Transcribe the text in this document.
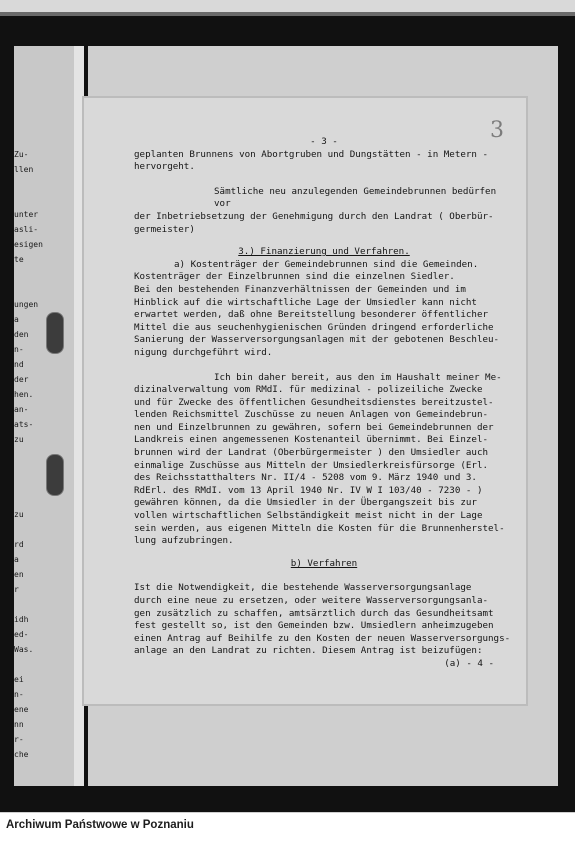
Zu-
llen
unter
asli-
esigen
te
ungen
a
den
n-
nd
der
hen.
an-
ats-
zu
zu
rd
a
en
r
idh
ed-
Was.
ei
n-
ene
nn
r-
che

- 3 -

geplanten Brunnens von Abortgruben und Dungstätten - in Metern -

hervorgeht.

Sämtliche neu anzulegenden Gemeindebrunnen bedürfen vor

der Inbetriebsetzung der Genehmigung durch den Landrat ( Oberbür-

germeister)

3.) Finanzierung und Verfahren.

a) Kostenträger der Gemeindebrunnen sind die Gemeinden.

Kostenträger der Einzelbrunnen sind die einzelnen Siedler.

Bei den bestehenden Finanzverhältnissen der Gemeinden und im

Hinblick auf die wirtschaftliche Lage der Umsiedler kann nicht

erwartet werden, daß ohne Bereitstellung besonderer öffentlicher

Mittel die aus seuchenhygienischen Gründen dringend erforderliche

Sanierung der Wasserversorgungsanlagen mit der gebotenen Beschleu-

nigung durchgeführt wird.

Ich bin daher bereit, aus den im Haushalt meiner Me-

dizinalverwaltung vom RMdI. für medizinal - polizeiliche Zwecke

und für Zwecke des öffentlichen Gesundheitsdienstes bereitzustel-

lenden Reichsmittel Zuschüsse zu neuen Anlagen von Gemeindebrun-

nen und Einzelbrunnen zu gewähren, sofern bei Gemeindebrunnen der

Landkreis einen angemessenen Kostenanteil übernimmt. Bei Einzel-

brunnen wird der Landrat (Oberbürgermeister ) den Umsiedler auch

einmalige Zuschüsse aus Mitteln der Umsiedlerkreisfürsorge (Erl.

des Reichsstatthalters Nr. II/4 - 5208 vom 9. März 1940 und 3.

RdErl. des RMdI. vom 13 April 1940 Nr. IV W I 103/40 - 7230 - )

gewähren können, da die Umsiedler in der Übergangszeit bis zur

vollen wirtschaftlichen Selbständigkeit meist nicht in der Lage

sein werden, aus eigenen Mitteln die Kosten für die Brunnenherstel-

lung aufzubringen.

b) Verfahren

Ist die Notwendigkeit, die bestehende Wasserversorgungsanlage

durch eine neue zu ersetzen, oder weitere Wasserversorgungsanla-

gen zusätzlich zu schaffen, amtsärztlich durch das Gesundheitsamt

fest gestellt so, ist den Gemeinden bzw. Umsiedlern anheimzugeben

einen Antrag auf Beihilfe zu den Kosten der neuen Wasserversorgungs-

anlage an den Landrat zu richten. Diesem Antrag ist beizufügen:

(a) - 4 -

3
Archiwum Państwowe w Poznaniu
